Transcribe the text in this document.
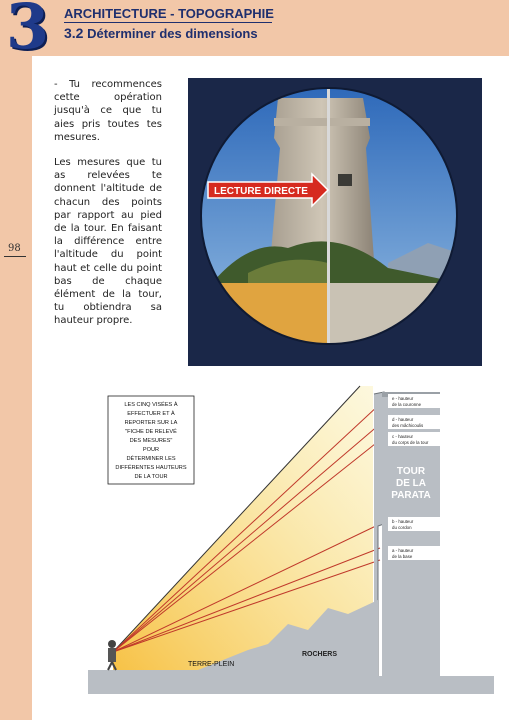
3 ARCHITECTURE - TOPOGRAPHIE
3.2 Déterminer des dimensions
98

- Tu recommences cette opération jusqu'à ce que tu aies pris toutes tes mesures.

Les mesures que tu as relevées te donnent l'altitude de chacun des points par rapport au pied de la tour. En faisant la différence entre l'altitude du point haut et celle du point bas de chaque élément de la tour, tu obtiendra sa hauteur propre.

LECTURE DIRECTE
LES CINQ VISÉES À
EFFECTUER ET À
REPORTER SUR LA
"FICHE DE RELEVÉ
DES MESURES"
POUR
DÉTERMINER LES
DIFFÉRENTES HAUTEURS
DE LA TOUR	TOUR
DE LA
PARATA
e - hauteur
de la couronne
d - hauteur
des mâchicoulis
c - hauteur
du corps de la tour
b - hauteur
du cordon
a - hauteur
de la base
TERRE-PLEIN
ROCHERS
